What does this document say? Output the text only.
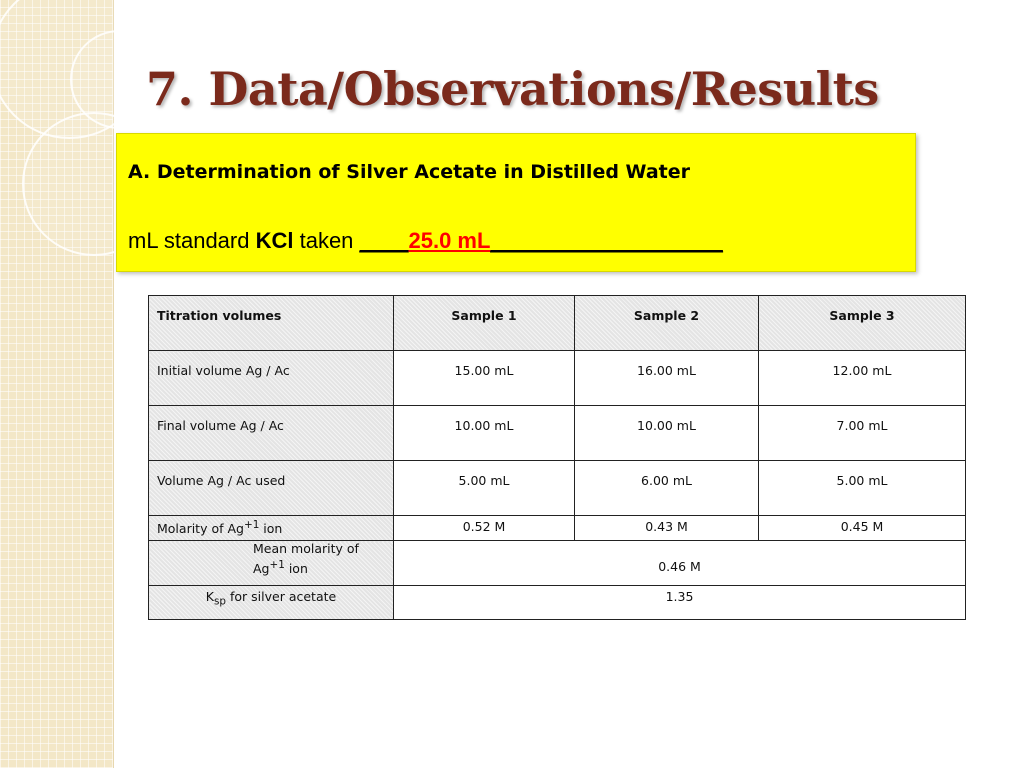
7. Data/Observations/Results

A. Determination of Silver Acetate in Distilled Water

mL standard KCl taken ____25.0 mL___________________
Titration volumes	Sample 1	Sample 2	Sample 3
Initial volume Ag / Ac	15.00 mL	16.00 mL	12.00 mL
Final volume Ag / Ac	10.00 mL	10.00 mL	7.00 mL
Volume Ag / Ac used	5.00 mL	6.00 mL	5.00 mL
Molarity of $Ag^{+1}$ ion	0.52 M	0.43 M	0.45 M
Mean molarity of
$Ag^{+1}$ ion	0.46 M		
$K_{sp}$ for silver acetate	1.35		
